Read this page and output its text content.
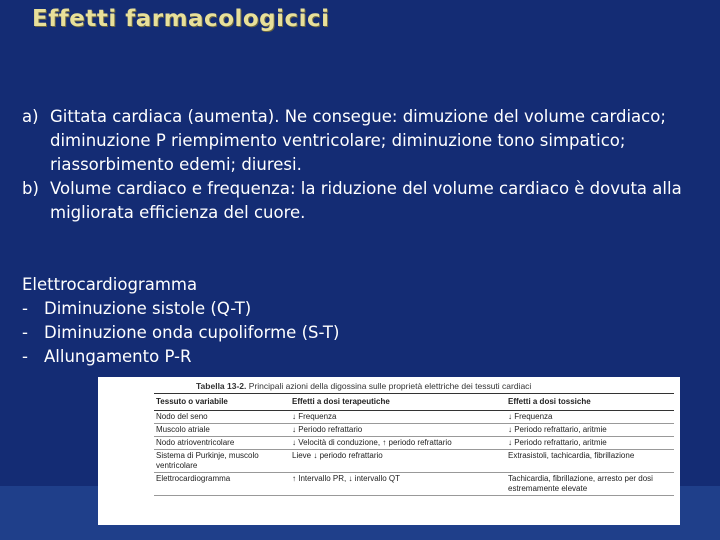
Effetti farmacologicici
a) Gittata cardiaca (aumenta). Ne consegue: dimuzione del volume cardiaco; diminuzione P riempimento ventricolare; diminuzione tono simpatico; riassorbimento edemi; diuresi.
b) Volume cardiaco e frequenza: la riduzione del volume cardiaco è dovuta alla migliorata efficienza del cuore.
Elettrocardiogramma
- Diminuzione sistole (Q-T)
- Diminuzione onda cupoliforme (S-T)
- Allungamento P-R
Tabella 13-2. Principali azioni della digossina sulle proprietà elettriche dei tessuti cardiaci
Tessuto o variabile	Effetti a dosi terapeutiche	Effetti a dosi tossiche
Nodo del seno	↓ Frequenza	↓ Frequenza
Muscolo atriale	↓ Periodo refrattario	↓ Periodo refrattario, aritmie
Nodo atrioventricolare	↓ Velocità di conduzione, ↑ periodo refrattario	↓ Periodo refrattario, aritmie
Sistema di Purkinje, muscolo ventricolare	Lieve ↓ periodo refrattario	Extrasistoli, tachicardia, fibrillazione
Elettrocardiogramma	↑ Intervallo PR, ↓ intervallo QT	Tachicardia, fibrillazione, arresto per dosi estremamente elevate
